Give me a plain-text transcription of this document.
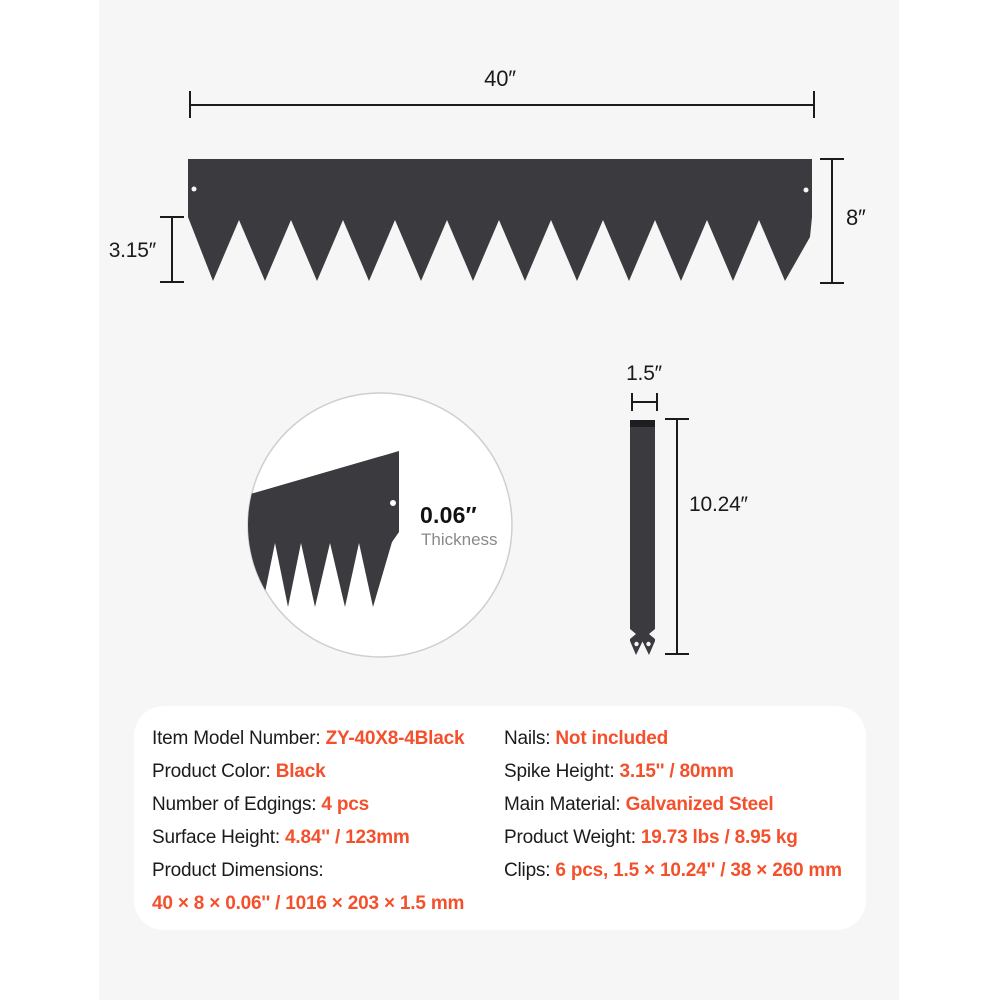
40″
8″
3.15″
0.06″
Thickness
1.5″
10.24″
Item Model Number: ZY-40X8-4Black
Product Color: Black
Number of Edgings: 4 pcs
Surface Height: 4.84'' / 123mm
Product Dimensions:
40 × 8 × 0.06'' / 1016 × 203 × 1.5 mm
Nails: Not included
Spike Height: 3.15'' / 80mm
Main Material: Galvanized Steel
Product Weight: 19.73 lbs / 8.95 kg
Clips: 6 pcs, 1.5 × 10.24'' / 38 × 260 mm
